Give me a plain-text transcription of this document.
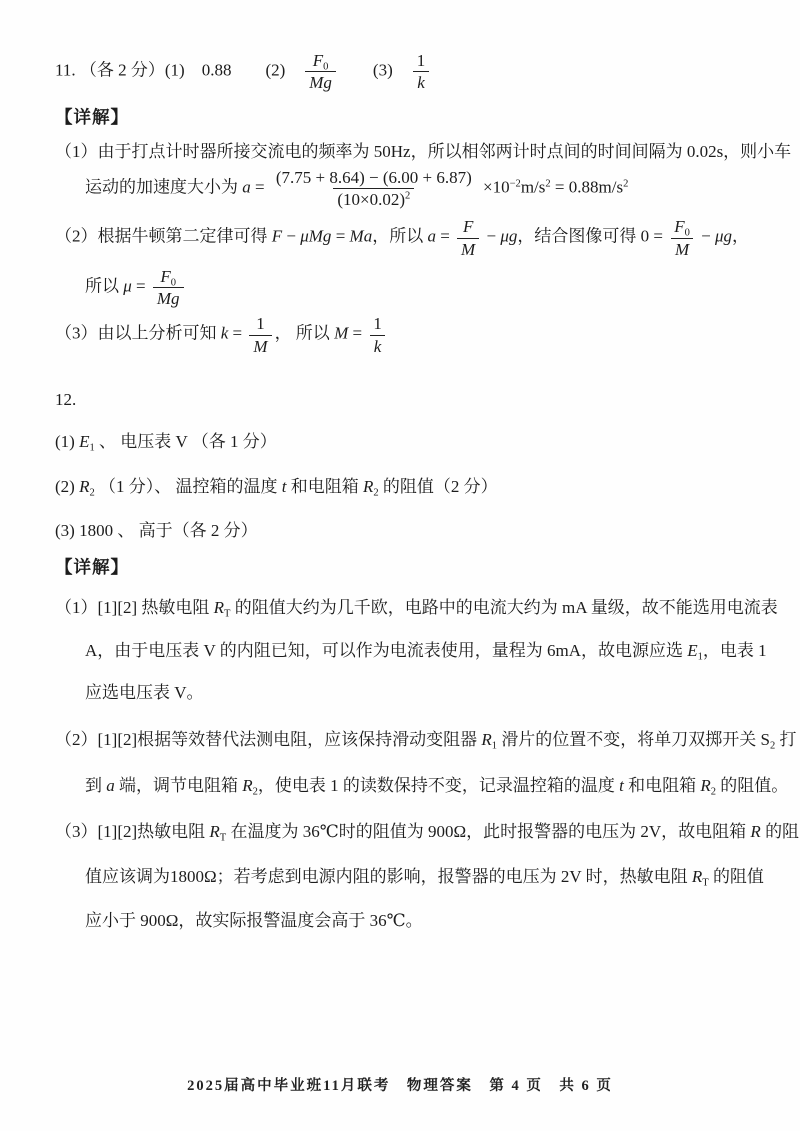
11. （各 2 分）(1)　0.88　　(2)　 $\frac{F_0}{Mg}$ 　　(3)　 $\frac{1}{k}$
【详解】
（1）由于打点计时器所接交流电的频率为 50Hz，所以相邻两计时点间的时间间隔为 0.02s，则小车
运动的加速度大小为 $a = \frac{(7.75 + 8.64) - (6.00 + 6.87)}{(10\times 0.02)^2} \times 10^{-2}m/s^2 = 0.88m/s^2$
（2）根据牛顿第二定律可得 F − μMg = Ma，所以 $a = \frac{F}{M} - \mu g$，结合图像可得 $0 = \frac{F_0}{M} - \mu g$，
所以 $\mu = \frac{F_0}{Mg}$
（3）由以上分析可知 $k = \frac{1}{M}$ ， 所以 $M = \frac{1}{k}$
12.
(1) $E_1$ 、 电压表 V （各 1 分）
(2) $R_2$ （1 分）、 温控箱的温度 t 和电阻箱 $R_2$ 的阻值（2 分）
(3) 1800 、 高于（各 2 分）
【详解】
（1）[1][2] 热敏电阻 $R_T$ 的阻值大约为几千欧，电路中的电流大约为 mA 量级，故不能选用电流表
A，由于电压表 V 的内阻已知，可以作为电流表使用，量程为 6mA，故电源应选 $E_1$，电表 1
应选电压表 V。
（2）[1][2]根据等效替代法测电阻，应该保持滑动变阻器 $R_1$ 滑片的位置不变，将单刀双掷开关 $S_2$ 打
到 a 端，调节电阻箱 $R_2$，使电表 1 的读数保持不变，记录温控箱的温度 t 和电阻箱 $R_2$ 的阻值。
（3）[1][2]热敏电阻 $R_T$ 在温度为 36℃时的阻值为 900Ω，此时报警器的电压为 2V，故电阻箱 R 的阻
值应该调为1800Ω；若考虑到电源内阻的影响，报警器的电压为 2V 时，热敏电阻 $R_T$ 的阻值
应小于 900Ω，故实际报警温度会高于 36℃。
2025届高中毕业班11月联考　物理答案　第 4 页　共 6 页
